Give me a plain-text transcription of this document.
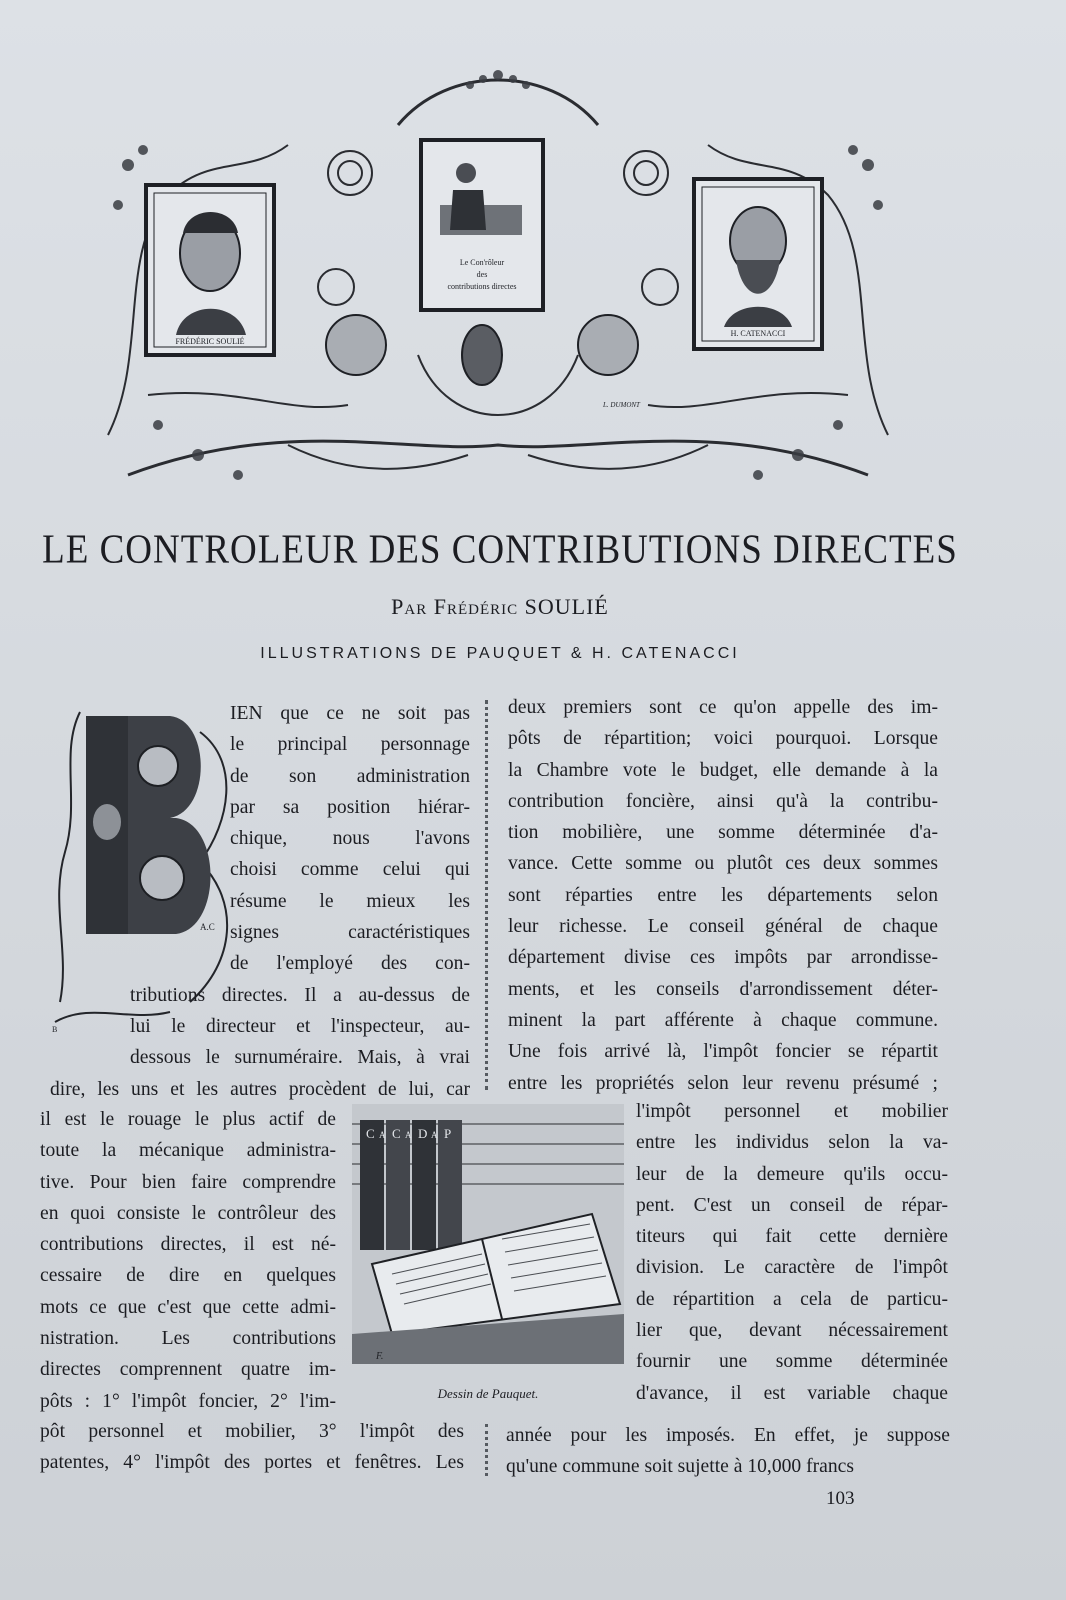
FRÉDÉRIC SOULIÉ
Le Con'rôleur
des
contributions directes
H. CATENACCI
L. DUMONT
LE CONTROLEUR DES CONTRIBUTIONS DIRECTES
Par Frédéric SOULIÉ
ILLUSTRATIONS DE PAUQUET & H. CATENACCI
B
A.C
IEN que ce ne soit pas
le principal personnage
de son administration
par sa position hiérar-
chique, nous l'avons
choisi comme celui qui
résume le mieux les
signes caractéristiques
de l'employé des con-
tributions directes. Il a au-dessus de
lui le directeur et l'inspecteur, au-
dessous le surnuméraire. Mais, à vrai
dire, les uns et les autres procèdent de lui, car
il est le rouage le plus actif de
toute la mécanique administra-
tive. Pour bien faire comprendre
en quoi consiste le contrôleur des
contributions directes, il est né-
cessaire de dire en quelques
mots ce que c'est que cette admi-
nistration. Les contributions
directes comprennent quatre im-
pôts : 1° l'impôt foncier, 2° l'im-
pôt personnel et mobilier, 3° l'impôt des
patentes, 4° l'impôt des portes et fenêtres. Les
deux premiers sont ce qu'on appelle des im-
pôts de répartition; voici pourquoi. Lorsque
la Chambre vote le budget, elle demande à la
contribution foncière, ainsi qu'à la contribu-
tion mobilière, une somme déterminée d'a-
vance. Cette somme ou plutôt ces deux sommes
sont réparties entre les départements selon
leur richesse. Le conseil général de chaque
département divise ces impôts par arrondisse-
ments, et les conseils d'arrondissement déter-
minent la part afférente à chaque commune.
Une fois arrivé là, l'impôt foncier se répartit
entre les propriétés selon leur revenu présumé ;
l'impôt personnel et mobilier
entre les individus selon la va-
leur de la demeure qu'ils occu-
pent. C'est un conseil de répar-
titeurs qui fait cette dernière
division. Le caractère de l'impôt
de répartition a cela de particu-
lier que, devant nécessairement
fournir une somme déterminée
d'avance, il est variable chaque
année pour les imposés. En effet, je suppose
qu'une commune soit sujette à 10,000 francs
C A C A D A P
F.
Dessin de Pauquet.
103
